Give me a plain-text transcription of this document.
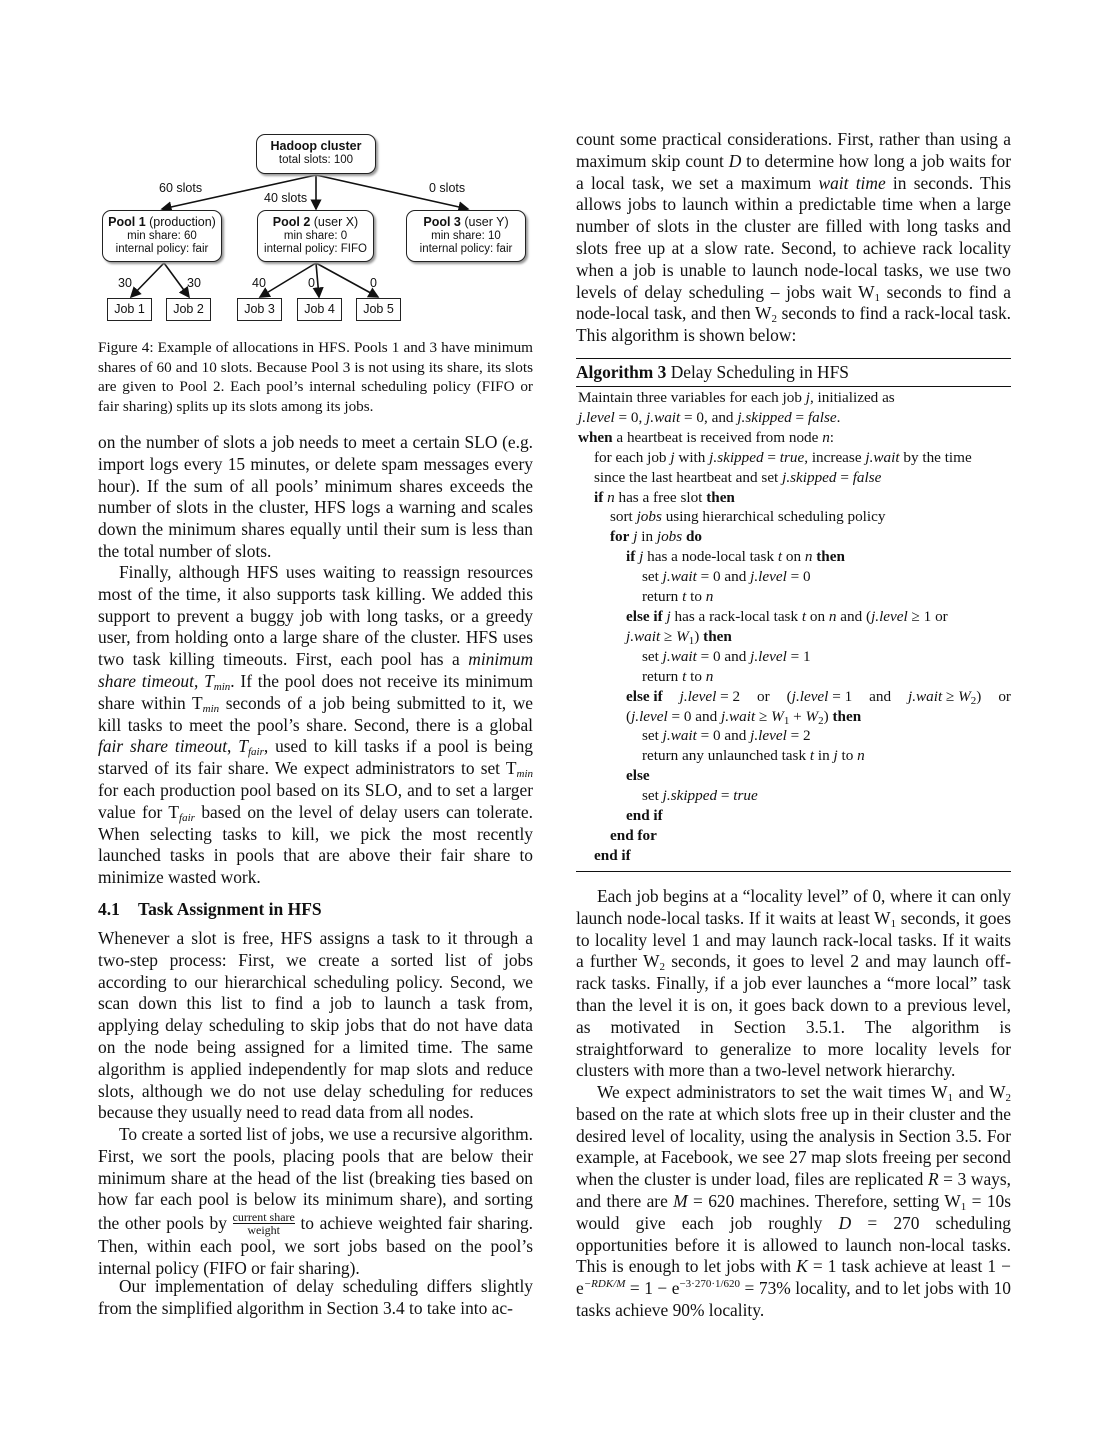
Hadoop cluster
total slots: 100
60 slots
40 slots
0 slots
Pool 1 (production)
min share: 60
internal policy: fair
Pool 2 (user X)
min share: 0
internal policy: FIFO
Pool 3 (user Y)
min share: 10
internal policy: fair
30	30	40	0	0
Job 1	Job 2	Job 3	Job 4	Job 5

Figure 4: Example of allocations in HFS. Pools 1 and 3 have minimum shares of 60 and 10 slots. Because Pool 3 is not using its share, its slots are given to Pool 2. Each pool’s internal scheduling policy (FIFO or fair sharing) splits up its slots among its jobs.

on the number of slots a job needs to meet a certain SLO (e.g. import logs every 15 minutes, or delete spam messages every hour). If the sum of all pools’ minimum shares exceeds the number of slots in the cluster, HFS logs a warning and scales down the minimum shares equally until their sum is less than the total number of slots.

Finally, although HFS uses waiting to reassign resources most of the time, it also supports task killing. We added this support to prevent a buggy job with long tasks, or a greedy user, from holding onto a large share of the cluster. HFS uses two task killing timeouts. First, each pool has a minimum share timeout, $T_{min}$. If the pool does not receive its minimum share within $T_{min}$ seconds of a job being submitted to it, we kill tasks to meet the pool’s share. Second, there is a global fair share timeout, $T_{fair}$, used to kill tasks if a pool is being starved of its fair share. We expect administrators to set $T_{min}$ for each production pool based on its SLO, and to set a larger value for $T_{fair}$ based on the level of delay users can tolerate. When selecting tasks to kill, we pick the most recently launched tasks in pools that are above their fair share to minimize wasted work.

4.1 Task Assignment in HFS

Whenever a slot is free, HFS assigns a task to it through a two-step process: First, we create a sorted list of jobs according to our hierarchical scheduling policy. Second, we scan down this list to find a job to launch a task from, applying delay scheduling to skip jobs that do not have data on the node being assigned for a limited time. The same algorithm is applied independently for map slots and reduce slots, although we do not use delay scheduling for reduces because they usually need to read data from all nodes.

To create a sorted list of jobs, we use a recursive algorithm. First, we sort the pools, placing pools that are below their minimum share at the head of the list (breaking ties based on how far each pool is below its minimum share), and sorting the other pools by current share
weight to achieve weighted fair sharing. Then, within each pool, we sort jobs based on the pool’s internal policy (FIFO or fair sharing).

Our implementation of delay scheduling differs slightly from the simplified algorithm in Section 3.4 to take into ac-

count some practical considerations. First, rather than using a maximum skip count D to determine how long a job waits for a local task, we set a maximum wait time in seconds. This allows jobs to launch within a predictable time when a large number of slots in the cluster are filled with long tasks and slots free up at a slow rate. Second, to achieve rack locality when a job is unable to launch node-local tasks, we use two levels of delay scheduling – jobs wait $W_1$ seconds to find a node-local task, and then $W_2$ seconds to find a rack-local task. This algorithm is shown below:

Algorithm 3 Delay Scheduling in HFS
Maintain three variables for each job j, initialized as
j.level = 0, j.wait = 0, and j.skipped = false.
when a heartbeat is received from node n:
for each job j with j.skipped = true, increase j.wait by the time
since the last heartbeat and set j.skipped = false
if n has a free slot then
sort jobs using hierarchical scheduling policy
for j in jobs do
if j has a node-local task t on n then
set j.wait = 0 and j.level = 0
return t to n
else if j has a rack-local task t on n and (j.level ≥ 1 or
j.wait ≥ $W_1$) then
set j.wait = 0 and j.level = 1
return t to n
else if j.level = 2 or (j.level = 1 and j.wait ≥ $W_2$) or
(j.level = 0 and j.wait ≥ $W_1 + W_2$) then
set j.wait = 0 and j.level = 2
return any unlaunched task t in j to n
else
set j.skipped = true
end if
end for
end if

Each job begins at a “locality level” of 0, where it can only launch node-local tasks. If it waits at least $W_1$ seconds, it goes to locality level 1 and may launch rack-local tasks. If it waits a further $W_2$ seconds, it goes to level 2 and may launch off-rack tasks. Finally, if a job ever launches a “more local” task than the level it is on, it goes back down to a previous level, as motivated in Section 3.5.1. The algorithm is straightforward to generalize to more locality levels for clusters with more than a two-level network hierarchy.

We expect administrators to set the wait times $W_1$ and $W_2$ based on the rate at which slots free up in their cluster and the desired level of locality, using the analysis in Section 3.5. For example, at Facebook, we see 27 map slots freeing per second when the cluster is under load, files are replicated R = 3 ways, and there are M = 620 machines. Therefore, setting $W_1 = 10s$ would give each job roughly D = 270 scheduling opportunities before it is allowed to launch non-local tasks. This is enough to let jobs with K = 1 task achieve at least $1 - e^{-RDK/M} = 1 - e^{-3\cdot 270\cdot 1/620} = 73\%$ locality, and to let jobs with 10 tasks achieve 90% locality.
